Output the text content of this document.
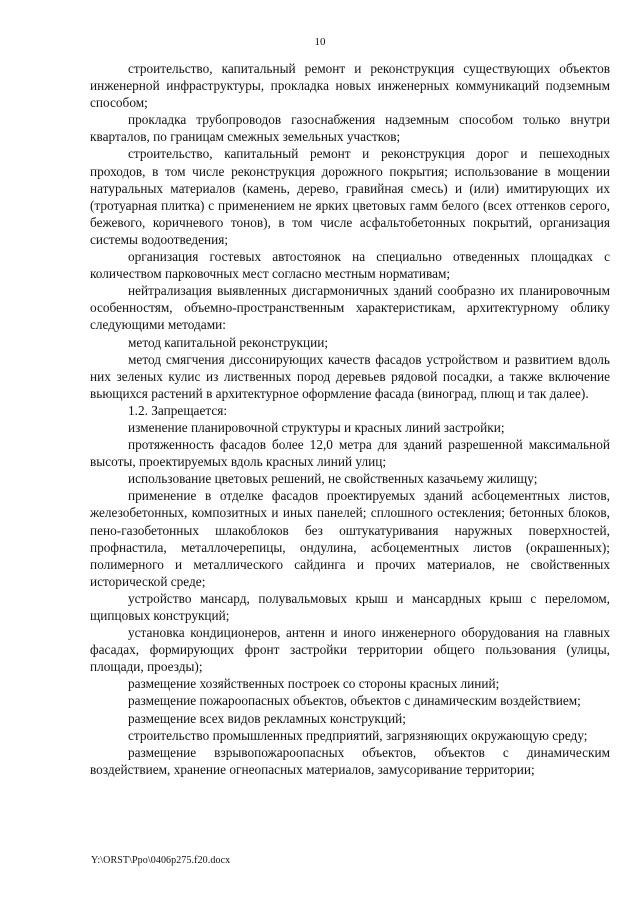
10

строительство, капитальный ремонт и реконструкция существующих объектов инженерной инфраструктуры, прокладка новых инженерных коммуникаций подземным способом;

прокладка трубопроводов газоснабжения надземным способом только внутри кварталов, по границам смежных земельных участков;

строительство, капитальный ремонт и реконструкция дорог и пешеходных проходов, в том числе реконструкция дорожного покрытия; использование в мощении натуральных материалов (камень, дерево, гравийная смесь) и (или) имитирующих их (тротуарная плитка) с применением не ярких цветовых гамм белого (всех оттенков серого, бежевого, коричневого тонов), в том числе асфальтобетонных покрытий, организация системы водоотведения;

организация гостевых автостоянок на специально отведенных площадках с количеством парковочных мест согласно местным нормативам;

нейтрализация выявленных дисгармоничных зданий сообразно их планировочным особенностям, объемно-пространственным характеристикам, архитектурному облику следующими методами:

метод капитальной реконструкции;

метод смягчения диссонирующих качеств фасадов устройством и развитием вдоль них зеленых кулис из лиственных пород деревьев рядовой посадки, а также включение вьющихся растений в архитектурное оформление фасада (виноград, плющ и так далее).

1.2. Запрещается:

изменение планировочной структуры и красных линий застройки;

протяженность фасадов более 12,0 метра для зданий разрешенной максимальной высоты, проектируемых вдоль красных линий улиц;

использование цветовых решений, не свойственных казачьему жилищу;

применение в отделке фасадов проектируемых зданий асбоцементных листов, железобетонных, композитных и иных панелей; сплошного остекления; бетонных блоков, пено-газобетонных шлакоблоков без оштукатуривания наружных поверхностей, профнастила, металлочерепицы, ондулина, асбоцементных листов (окрашенных); полимерного и металлического сайдинга и прочих материалов, не свойственных исторической среде;

устройство мансард, полувальмовых крыш и мансардных крыш с переломом, щипцовых конструкций;

установка кондиционеров, антенн и иного инженерного оборудования на главных фасадах, формирующих фронт застройки территории общего пользования (улицы, площади, проезды);

размещение хозяйственных построек со стороны красных линий;

размещение пожароопасных объектов, объектов с динамическим воздействием;

размещение всех видов рекламных конструкций;

строительство промышленных предприятий, загрязняющих окружающую среду;

размещение взрывопожароопасных объектов, объектов с динамическим воздействием, хранение огнеопасных материалов, замусоривание территории;

Y:\ORST\Ppo\0406p275.f20.docx
